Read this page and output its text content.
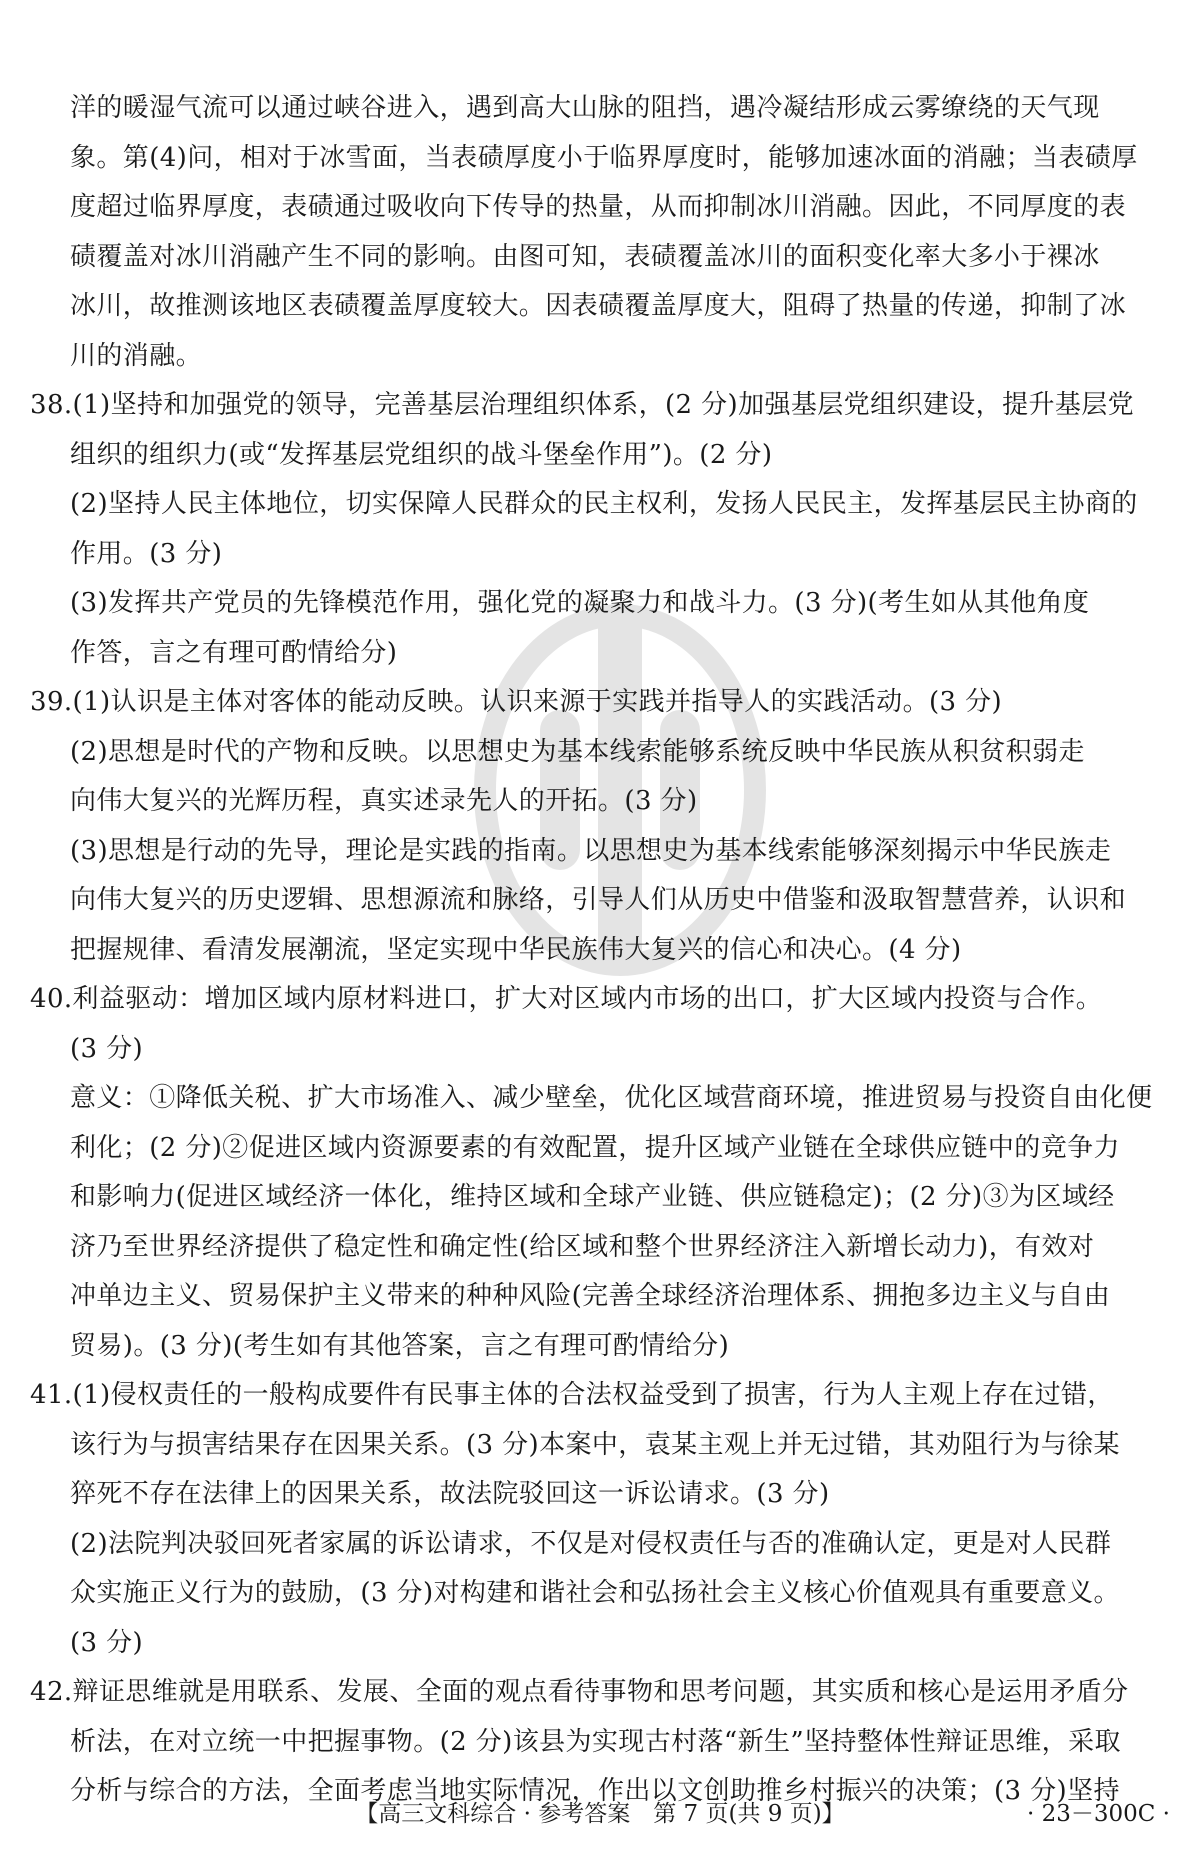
洋的暖湿气流可以通过峡谷进入，遇到高大山脉的阻挡，遇冷凝结形成云雾缭绕的天气现
象。第(4)问，相对于冰雪面，当表碛厚度小于临界厚度时，能够加速冰面的消融；当表碛厚
度超过临界厚度，表碛通过吸收向下传导的热量，从而抑制冰川消融。因此，不同厚度的表
碛覆盖对冰川消融产生不同的影响。由图可知，表碛覆盖冰川的面积变化率大多小于裸冰
冰川，故推测该地区表碛覆盖厚度较大。因表碛覆盖厚度大，阻碍了热量的传递，抑制了冰
川的消融。
38.(1)坚持和加强党的领导，完善基层治理组织体系，(2 分)加强基层党组织建设，提升基层党
组织的组织力(或“发挥基层党组织的战斗堡垒作用”)。(2 分)
(2)坚持人民主体地位，切实保障人民群众的民主权利，发扬人民民主，发挥基层民主协商的
作用。(3 分)
(3)发挥共产党员的先锋模范作用，强化党的凝聚力和战斗力。(3 分)(考生如从其他角度
作答，言之有理可酌情给分)
39.(1)认识是主体对客体的能动反映。认识来源于实践并指导人的实践活动。(3 分)
(2)思想是时代的产物和反映。以思想史为基本线索能够系统反映中华民族从积贫积弱走
向伟大复兴的光辉历程，真实述录先人的开拓。(3 分)
(3)思想是行动的先导，理论是实践的指南。以思想史为基本线索能够深刻揭示中华民族走
向伟大复兴的历史逻辑、思想源流和脉络，引导人们从历史中借鉴和汲取智慧营养，认识和
把握规律、看清发展潮流，坚定实现中华民族伟大复兴的信心和决心。(4 分)
40.利益驱动：增加区域内原材料进口，扩大对区域内市场的出口，扩大区域内投资与合作。
(3 分)
意义：①降低关税、扩大市场准入、减少壁垒，优化区域营商环境，推进贸易与投资自由化便
利化；(2 分)②促进区域内资源要素的有效配置，提升区域产业链在全球供应链中的竞争力
和影响力(促进区域经济一体化，维持区域和全球产业链、供应链稳定)；(2 分)③为区域经
济乃至世界经济提供了稳定性和确定性(给区域和整个世界经济注入新增长动力)，有效对
冲单边主义、贸易保护主义带来的种种风险(完善全球经济治理体系、拥抱多边主义与自由
贸易)。(3 分)(考生如有其他答案，言之有理可酌情给分)
41.(1)侵权责任的一般构成要件有民事主体的合法权益受到了损害，行为人主观上存在过错，
该行为与损害结果存在因果关系。(3 分)本案中，袁某主观上并无过错，其劝阻行为与徐某
猝死不存在法律上的因果关系，故法院驳回这一诉讼请求。(3 分)
(2)法院判决驳回死者家属的诉讼请求，不仅是对侵权责任与否的准确认定，更是对人民群
众实施正义行为的鼓励，(3 分)对构建和谐社会和弘扬社会主义核心价值观具有重要意义。
(3 分)
42.辩证思维就是用联系、发展、全面的观点看待事物和思考问题，其实质和核心是运用矛盾分
析法，在对立统一中把握事物。(2 分)该县为实现古村落“新生”坚持整体性辩证思维，采取
分析与综合的方法，全面考虑当地实际情况，作出以文创助推乡村振兴的决策；(3 分)坚持
【高三文科综合 · 参考答案　第 7 页(共 9 页)】	· 23－300C ·
